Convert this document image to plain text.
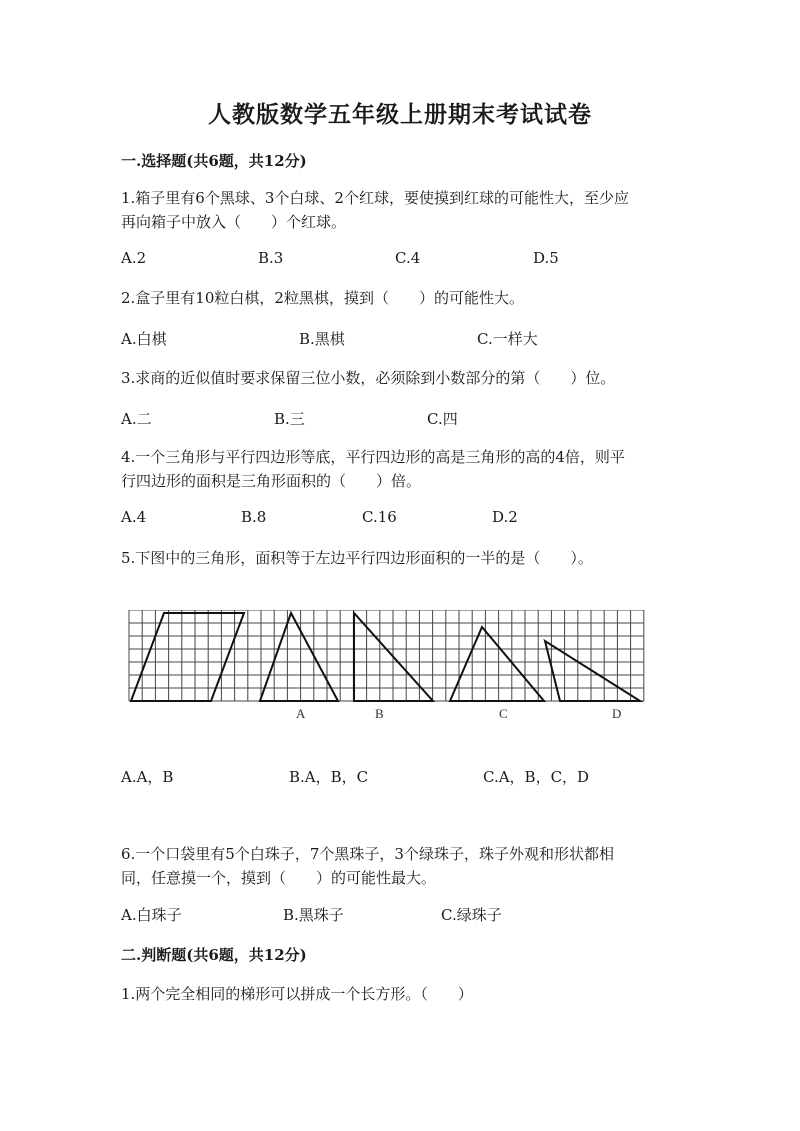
人教版数学五年级上册期末考试试卷
一.选择题(共6题，共12分)
1.箱子里有6个黑球、3个白球、2个红球，要使摸到红球的可能性大，至少应
再向箱子中放入（　　）个红球。
A.2	B.3	C.4	D.5
2.盒子里有10粒白棋，2粒黑棋，摸到（　　）的可能性大。
A.白棋	B.黑棋	C.一样大
3.求商的近似值时要求保留三位小数，必须除到小数部分的第（　　）位。
A.二	B.三	C.四
4.一个三角形与平行四边形等底，平行四边形的高是三角形的高的4倍，则平
行四边形的面积是三角形面积的（　　）倍。
A.4	B.8	C.16	D.2
5.下图中的三角形，面积等于左边平行四边形面积的一半的是（　　）。
A	B	C	D
A.A，B	B.A，B，C	C.A，B，C，D
6.一个口袋里有5个白珠子，7个黑珠子，3个绿珠子，珠子外观和形状都相
同，任意摸一个，摸到（　　）的可能性最大。
A.白珠子	B.黑珠子	C.绿珠子
二.判断题(共6题，共12分)
1.两个完全相同的梯形可以拼成一个长方形。（　　）
